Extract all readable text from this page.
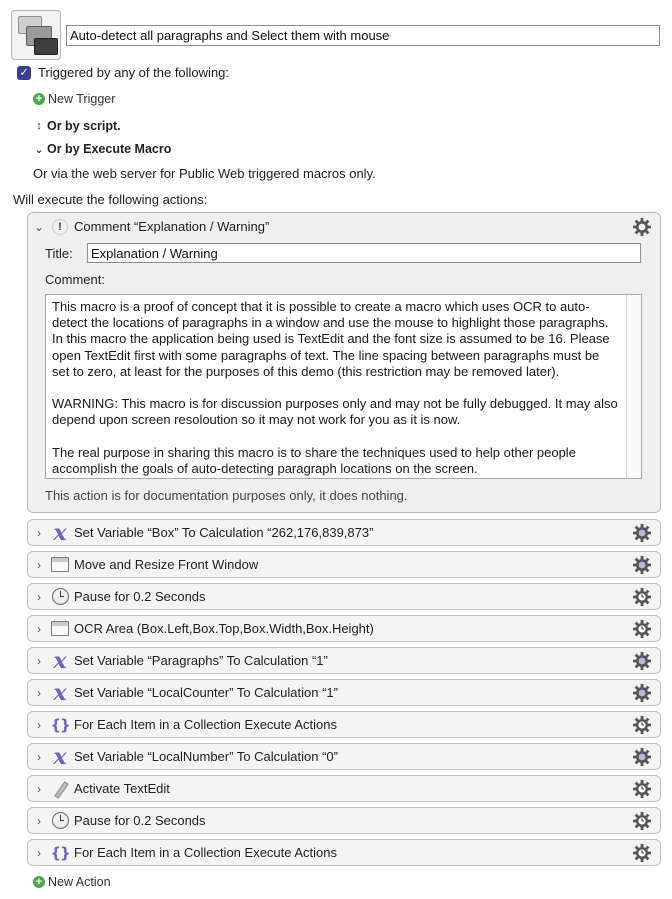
Auto-detect all paragraphs and Select them with mouse
✓ Triggered by any of the following:
+ New Trigger
↕ Or by script.
⌄ Or by Execute Macro
Or via the web server for Public Web triggered macros only.
Will execute the following actions:
⌄	! Comment “Explanation / Warning”
Title:	Explanation / Warning
Comment:
This macro is a proof of concept that it is possible to create a macro which uses OCR to auto-detect the locations of paragraphs in a window and use the mouse to highlight those paragraphs. In this macro the application being used is TextEdit and the font size is assumed to be 16. Please open TextEdit first with some paragraphs of text. The line spacing between paragraphs must be set to zero, at least for the purposes of this demo (this restriction may be removed later).

WARNING: This macro is for discussion purposes only and may not be fully debugged. It may also depend upon screen resoloution so it may not work for you as it is now.

The real purpose in sharing this macro is to share the techniques used to help other people accomplish the goals of auto-detecting paragraph locations on the screen.
This action is for documentation purposes only, it does nothing.
› x Set Variable “Box” To Calculation “262,176,839,873”
›	Move and Resize Front Window
›	Pause for 0.2 Seconds
›	OCR Area (Box.Left,Box.Top,Box.Width,Box.Height)
› x Set Variable “Paragraphs” To Calculation “1”
› x Set Variable “LocalCounter” To Calculation “1”
› {} For Each Item in a Collection Execute Actions
› x Set Variable “LocalNumber” To Calculation “0”
›	Activate TextEdit
›	Pause for 0.2 Seconds
› {} For Each Item in a Collection Execute Actions
+ New Action
